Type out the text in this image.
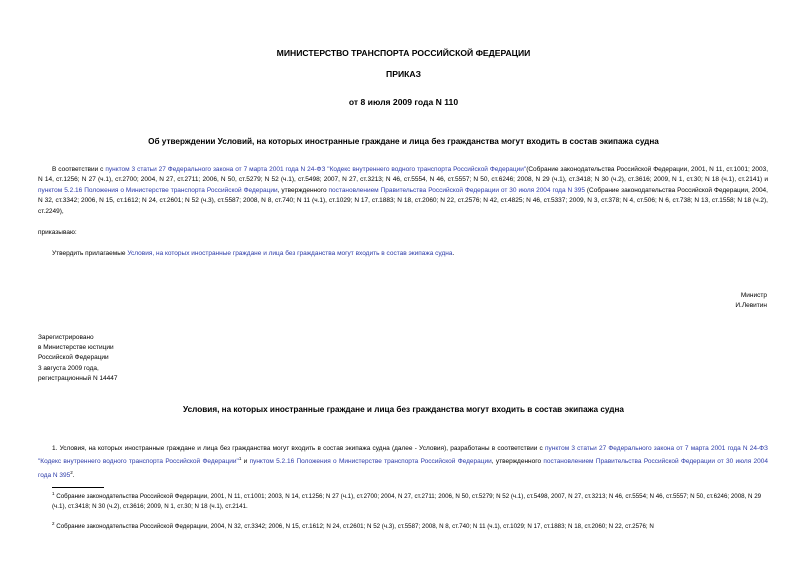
МИНИСТЕРСТВО ТРАНСПОРТА РОССИЙСКОЙ ФЕДЕРАЦИИ
ПРИКАЗ
от 8 июля 2009 года N 110
Об утверждении Условий, на которых иностранные граждане и лица без гражданства могут входить в состав экипажа судна
В соответствии с пунктом 3 статьи 27 Федерального закона от 7 марта 2001 года N 24-ФЗ "Кодекс внутреннего водного транспорта Российской Федерации"(Собрание законодательства Российской Федерации, 2001, N 11, ст.1001; 2003, N 14, ст.1256; N 27 (ч.1), ст.2700; 2004, N 27, ст.2711; 2006, N 50, ст.5279; N 52 (ч.1), ст.5498; 2007, N 27, ст.3213; N 46, ст.5554, N 46, ст.5557; N 50, ст.6246; 2008, N 29 (ч.1), ст.3418; N 30 (ч.2), ст.3616; 2009, N 1, ст.30; N 18 (ч.1), ст.2141) и пунктом 5.2.16 Положения о Министерстве транспорта Российской Федерации, утвержденного постановлением Правительства Российской Федерации от 30 июля 2004 года N 395 (Собрание законодательства Российской Федерации, 2004, N 32, ст.3342; 2006, N 15, ст.1612; N 24, ст.2601; N 52 (ч.3), ст.5587; 2008, N 8, ст.740; N 11 (ч.1), ст.1029; N 17, ст.1883; N 18, ст.2060; N 22, ст.2576; N 42, ст.4825; N 46, ст.5337; 2009, N 3, ст.378; N 4, ст.506; N 6, ст.738; N 13, ст.1558; N 18 (ч.2), ст.2249),
приказываю:
Утвердить прилагаемые Условия, на которых иностранные граждане и лица без гражданства могут входить в состав экипажа судна.
Министр
И.Левитин
Зарегистрировано
в Министерстве юстиции
Российской Федерации
3 августа 2009 года,
регистрационный N 14447
Условия, на которых иностранные граждане и лица без гражданства могут входить в состав экипажа судна
1. Условия, на которых иностранные граждане и лица без гражданства могут входить в состав экипажа судна (далее - Условия), разработаны в соответствии с пунктом 3 статьи 27 Федерального закона от 7 марта 2001 года N 24-ФЗ "Кодекс внутреннего водного транспорта Российской Федерации"$^1$ и пунктом 5.2.16 Положения о Министерстве транспорта Российской Федерации, утвержденного постановлением Правительства Российской Федерации от 30 июля 2004 года N $395^2$.
$^1$ Собрание законодательства Российской Федерации, 2001, N 11, ст.1001; 2003, N 14, ст.1256; N 27 (ч.1), ст.2700; 2004, N 27, ст.2711; 2006, N 50, ст.5279; N 52 (ч.1), ст.5498, 2007, N 27, ст.3213; N 46, ст.5554; N 46, ст.5557; N 50, ст.6246; 2008, N 29 (ч.1), ст.3418; N 30 (ч.2), ст.3616; 2009, N 1, ст.30; N 18 (ч.1), ст.2141.
$^2$ Собрание законодательства Российской Федерации, 2004, N 32, ст.3342; 2006, N 15, ст.1612; N 24, ст.2601; N 52 (ч.3), ст.5587; 2008, N 8, ст.740; N 11 (ч.1), ст.1029; N 17, ст.1883; N 18, ст.2060; N 22, ст.2576; N
